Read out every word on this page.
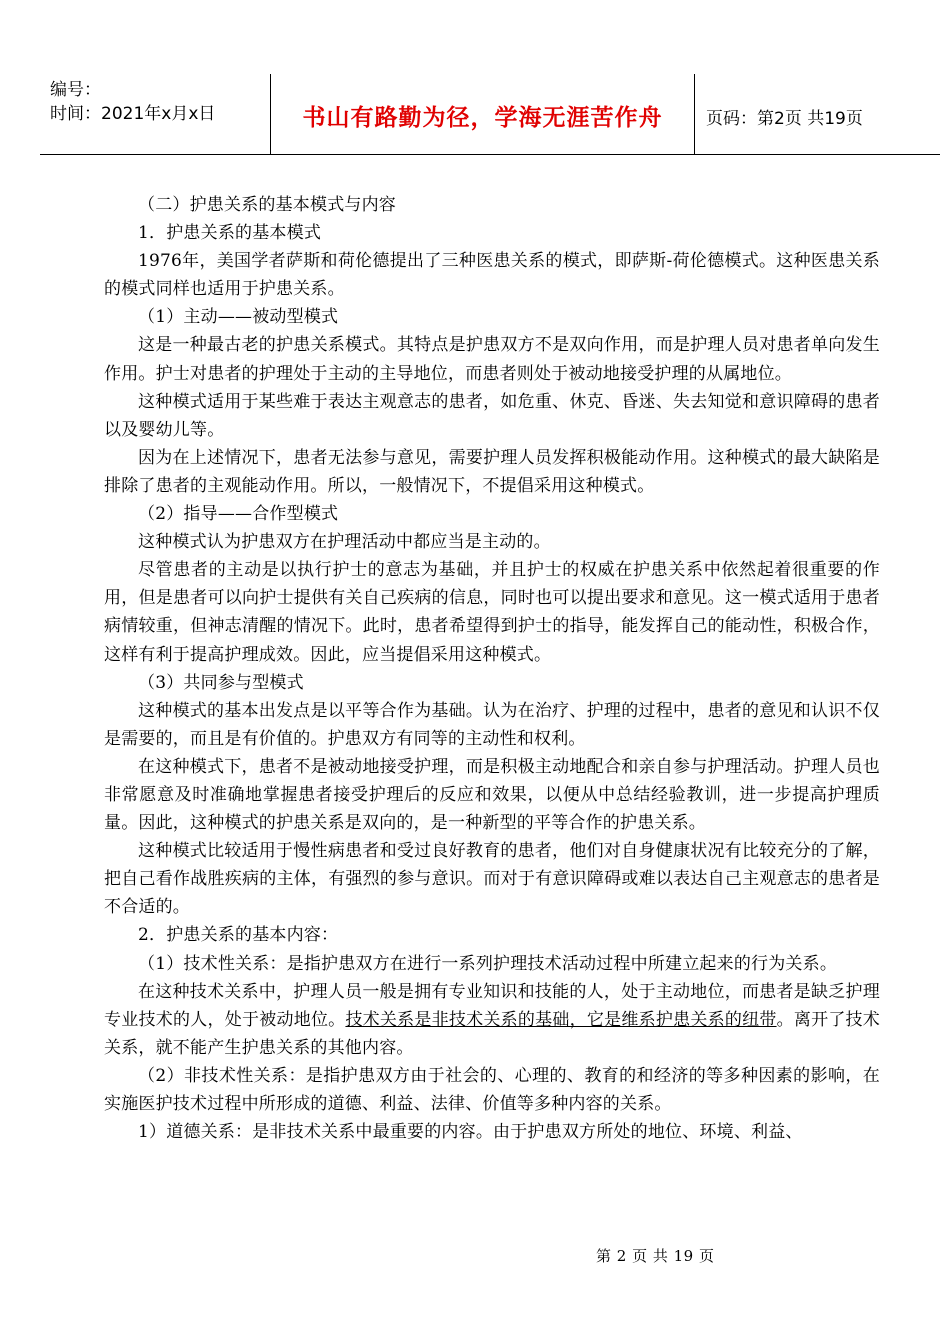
编号：
时间：2021年x月x日	书山有路勤为径，学海无涯苦作舟	页码：第2页 共19页

（二）护患关系的基本模式与内容

1．护患关系的基本模式

1976年，美国学者萨斯和荷伦德提出了三种医患关系的模式，即萨斯-荷伦德模式。这种医患关系的模式同样也适用于护患关系。

（1）主动——被动型模式

这是一种最古老的护患关系模式。其特点是护患双方不是双向作用，而是护理人员对患者单向发生作用。护士对患者的护理处于主动的主导地位，而患者则处于被动地接受护理的从属地位。

这种模式适用于某些难于表达主观意志的患者，如危重、休克、昏迷、失去知觉和意识障碍的患者以及婴幼儿等。

因为在上述情况下，患者无法参与意见，需要护理人员发挥积极能动作用。这种模式的最大缺陷是排除了患者的主观能动作用。所以，一般情况下，不提倡采用这种模式。

（2）指导——合作型模式

这种模式认为护患双方在护理活动中都应当是主动的。

尽管患者的主动是以执行护士的意志为基础，并且护士的权威在护患关系中依然起着很重要的作用，但是患者可以向护士提供有关自己疾病的信息，同时也可以提出要求和意见。这一模式适用于患者病情较重，但神志清醒的情况下。此时，患者希望得到护士的指导，能发挥自己的能动性，积极合作，这样有利于提高护理成效。因此，应当提倡采用这种模式。

（3）共同参与型模式

这种模式的基本出发点是以平等合作为基础。认为在治疗、护理的过程中，患者的意见和认识不仅是需要的，而且是有价值的。护患双方有同等的主动性和权利。

在这种模式下，患者不是被动地接受护理，而是积极主动地配合和亲自参与护理活动。护理人员也非常愿意及时准确地掌握患者接受护理后的反应和效果，以便从中总结经验教训，进一步提高护理质量。因此，这种模式的护患关系是双向的，是一种新型的平等合作的护患关系。

这种模式比较适用于慢性病患者和受过良好教育的患者，他们对自身健康状况有比较充分的了解，把自己看作战胜疾病的主体，有强烈的参与意识。而对于有意识障碍或难以表达自己主观意志的患者是不合适的。

2．护患关系的基本内容：

（1）技术性关系：是指护患双方在进行一系列护理技术活动过程中所建立起来的行为关系。

在这种技术关系中，护理人员一般是拥有专业知识和技能的人，处于主动地位，而患者是缺乏护理专业技术的人，处于被动地位。技术关系是非技术关系的基础，它是维系护患关系的纽带。离开了技术关系，就不能产生护患关系的其他内容。

（2）非技术性关系：是指护患双方由于社会的、心理的、教育的和经济的等多种因素的影响，在实施医护技术过程中所形成的道德、利益、法律、价值等多种内容的关系。

1）道德关系：是非技术关系中最重要的内容。由于护患双方所处的地位、环境、利益、

第 2 页 共 19 页
